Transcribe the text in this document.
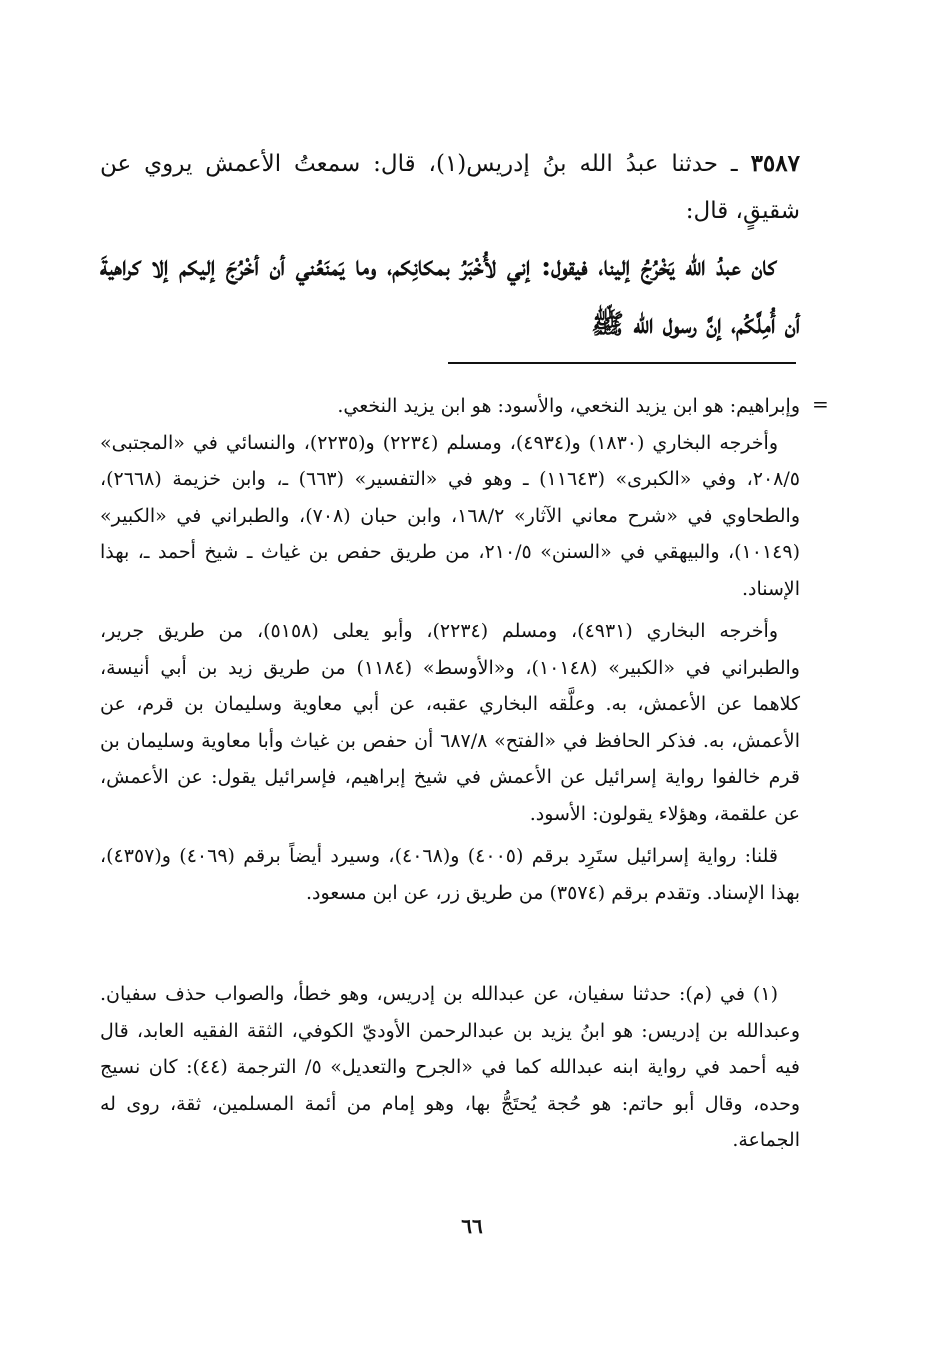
٣٥٨٧ ـ حدثنا عبدُ الله بنُ إدريس(١)، قال: سمعتُ الأعمش يروي عن شقيقٍ، قال:
كان عبدُ الله يَخْرُجُ إلينا، فيقول: إني لأُخْبَرُ بمكانِكم، وما يَمنَعُني أن أخْرُجَ إليكم إلا كراهيةَ أن أُمِلَّكُم، إنَّ رسول الله ﷺ
=

وإبراهيم: هو ابن يزيد النخعي، والأسود: هو ابن يزيد النخعي.

وأخرجه البخاري (١٨٣٠) و(٤٩٣٤)، ومسلم (٢٢٣٤) و(٢٢٣٥)، والنسائي في «المجتبى» ٢٠٨/٥، وفي «الكبرى» (١١٦٤٣) ـ وهو في «التفسير» (٦٦٣) ـ، وابن خزيمة (٢٦٦٨)، والطحاوي في «شرح معاني الآثار» ١٦٨/٢، وابن حبان (٧٠٨)، والطبراني في «الكبير» (١٠١٤٩)، والبيهقي في «السنن» ٢١٠/٥، من طريق حفص بن غياث ـ شيخ أحمد ـ، بهذا الإسناد.

وأخرجه البخاري (٤٩٣١)، ومسلم (٢٢٣٤)، وأبو يعلى (٥١٥٨)، من طريق جرير، والطبراني في «الكبير» (١٠١٤٨)، و«الأوسط» (١١٨٤) من طريق زيد بن أبي أنيسة، كلاهما عن الأعمش، به. وعلَّقه البخاري عقبه، عن أبي معاوية وسليمان بن قرم، عن الأعمش، به. فذكر الحافظ في «الفتح» ٦٨٧/٨ أن حفص بن غياث وأبا معاوية وسليمان بن قرم خالفوا رواية إسرائيل عن الأعمش في شيخ إبراهيم، فإسرائيل يقول: عن الأعمش، عن علقمة، وهؤلاء يقولون: الأسود.

قلنا: رواية إسرائيل ستَرِد برقم (٤٠٠٥) و(٤٠٦٨)، وسيرد أيضاً برقم (٤٠٦٩) و(٤٣٥٧)، بهذا الإسناد. وتقدم برقم (٣٥٧٤) من طريق زر، عن ابن مسعود.

(١) في (م): حدثنا سفيان، عن عبدالله بن إدريس، وهو خطأ، والصواب حذف سفيان. وعبدالله بن إدريس: هو ابنُ يزيد بن عبدالرحمن الأوديّ الكوفي، الثقة الفقيه العابد، قال فيه أحمد في رواية ابنه عبدالله كما في «الجرح والتعديل» ٥/ الترجمة (٤٤): كان نسيج وحده، وقال أبو حاتم: هو حُجة يُحتَجُّ بها، وهو إمام من أئمة المسلمين، ثقة، روى له الجماعة.

٦٦
